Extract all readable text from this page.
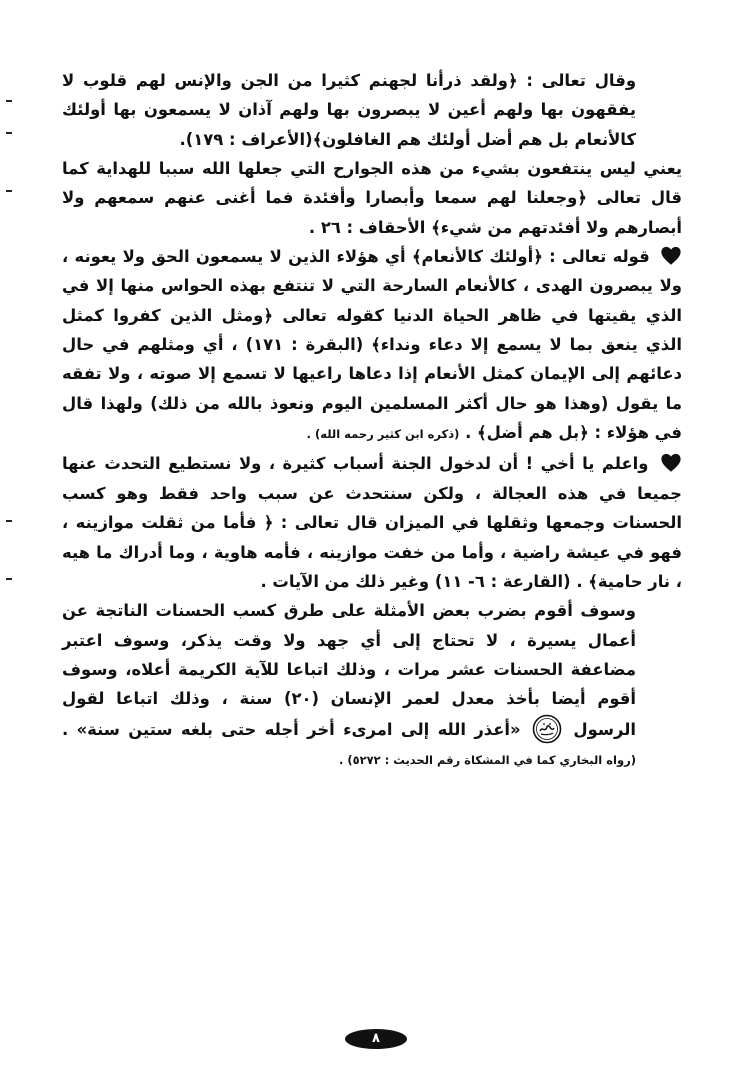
وقال تعالى : ﴿ولقد ذرأنا لجهنم كثيرا من الجن والإنس لهم قلوب لا يفقهون بها ولهم أعين لا يبصرون بها ولهم آذان لا يسمعون بها أولئك كالأنعام بل هم أضل أولئك هم الغافلون﴾(الأعراف : ١٧٩).

يعني ليس ينتفعون بشيء من هذه الجوارح التي جعلها الله سببا للهداية كما قال تعالى ﴿وجعلنا لهم سمعا وأبصارا وأفئدة فما أغنى عنهم سمعهم ولا أبصارهم ولا أفئدتهم من شيء﴾ الأحقاف : ٢٦ .

قوله تعالى : ﴿أولئك كالأنعام﴾ أي هؤلاء الذين لا يسمعون الحق ولا يعونه ، ولا يبصرون الهدى ، كالأنعام السارحة التي لا تنتفع بهذه الحواس منها إلا في الذي يقيتها في ظاهر الحياة الدنيا كقوله تعالى ﴿ومثل الذين كفروا كمثل الذي ينعق بما لا يسمع إلا دعاء ونداء﴾ (البقرة : ١٧١) ، أي ومثلهم في حال دعائهم إلى الإيمان كمثل الأنعام إذا دعاها راعيها لا تسمع إلا صوته ، ولا تفقه ما يقول (وهذا هو حال أكثر المسلمين اليوم ونعوذ بالله من ذلك) ولهذا قال في هؤلاء : ﴿بل هم أضل﴾ . (ذكره ابن كثير رحمه الله) .

واعلم يا أخي ! أن لدخول الجنة أسباب كثيرة ، ولا نستطيع التحدث عنها جميعا في هذه العجالة ، ولكن سنتحدث عن سبب واحد فقط وهو كسب الحسنات وجمعها وثقلها في الميزان قال تعالى : ﴿ فأما من ثقلت موازينه ، فهو في عيشة راضية ، وأما من خفت موازينه ، فأمه هاوية ، وما أدراك ما هيه ، نار حامية﴾ . (القارعة : ٦- ١١) وغير ذلك من الآيات .

وسوف أقوم بضرب بعض الأمثلة على طرق كسب الحسنات الناتجة عن أعمال يسيرة ، لا تحتاج إلى أي جهد ولا وقت يذكر، وسوف اعتبر مضاعفة الحسنات عشر مرات ، وذلك اتباعا للآية الكريمة أعلاه، وسوف أقوم أيضا بأخذ معدل لعمر الإنسان (٢٠) سنة ، وذلك اتباعا لقول الرسول  «أعذر الله إلى امرىء أخر أجله حتى بلغه ستين سنة» . (رواه البخاري كما في المشكاة رقم الحديث : ٥٢٧٢) .

٨
